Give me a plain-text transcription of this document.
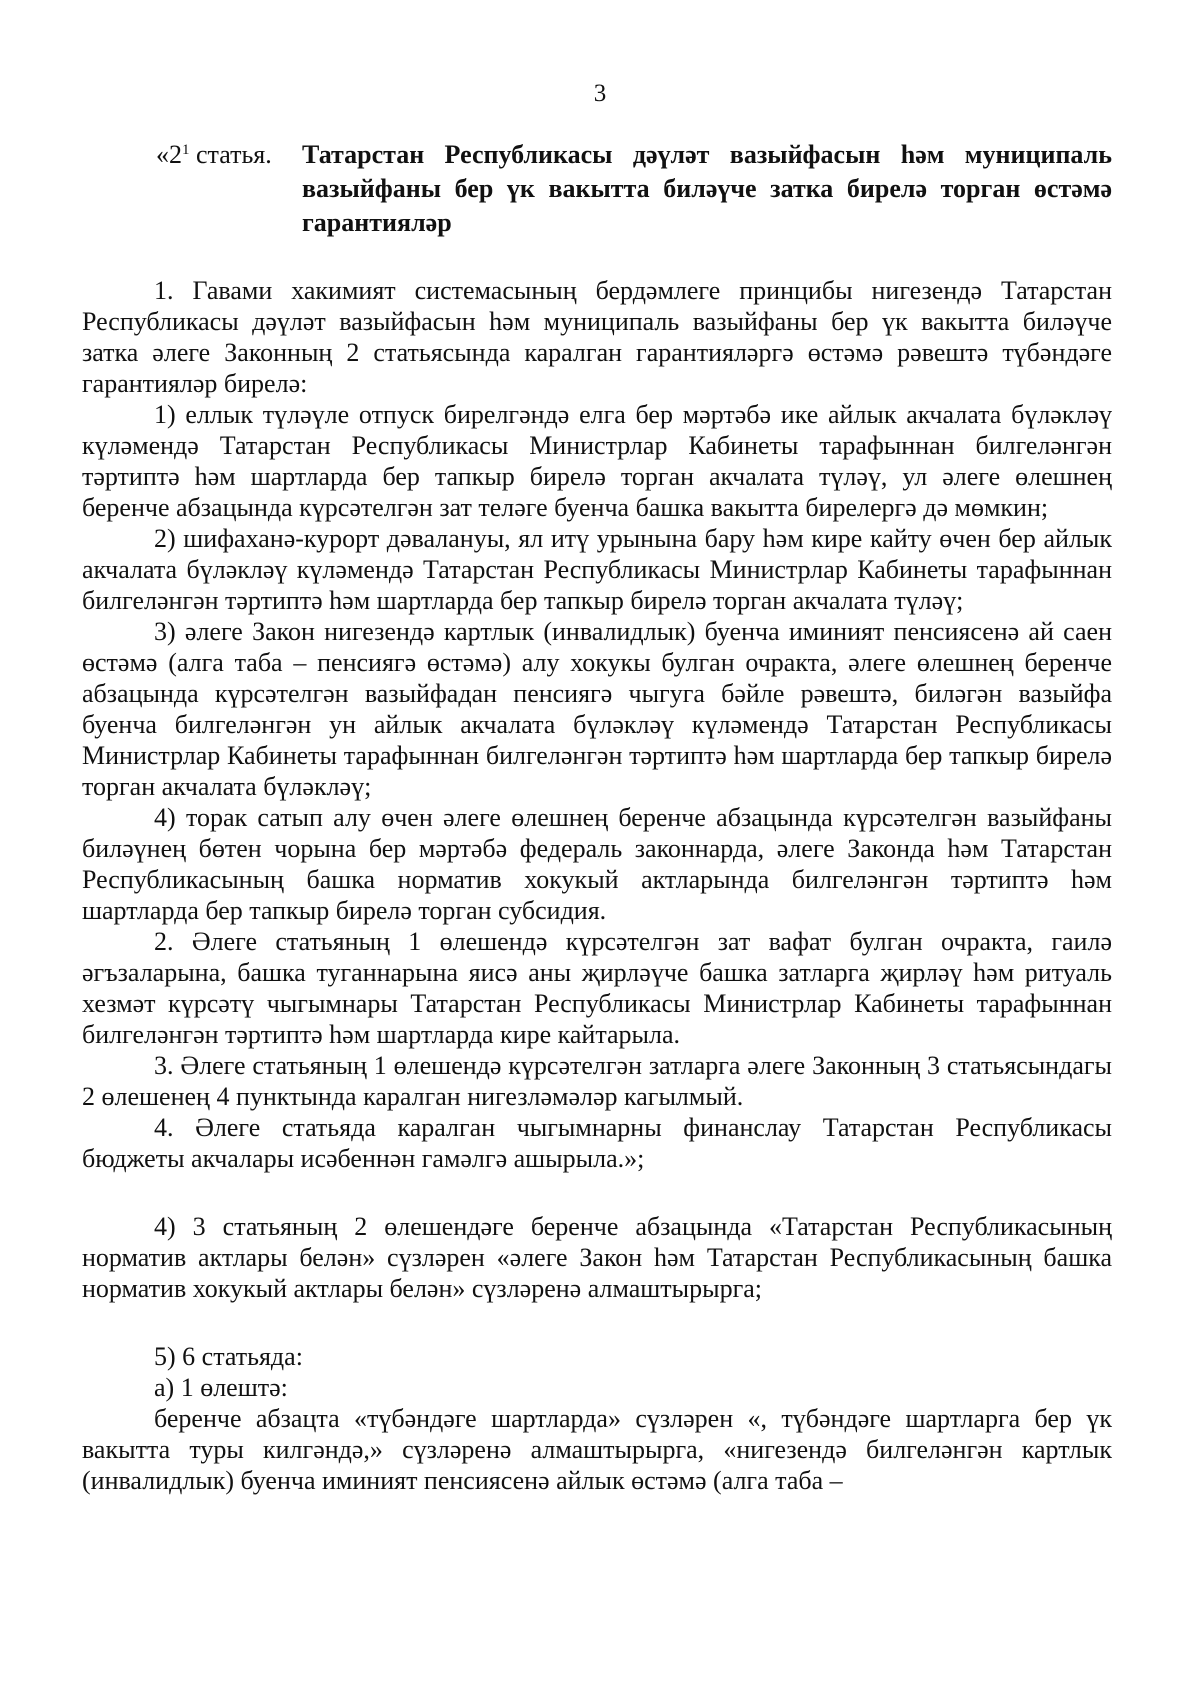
3
«$2^1$ статья.	Татарстан Республикасы дәүләт вазыйфасын һәм муниципаль вазыйфаны бер үк вакытта биләүче затка бирелә торган өстәмә гарантияләр

1. Гавами хакимият системасының бердәмлеге принцибы нигезендә Татарстан Республикасы дәүләт вазыйфасын һәм муниципаль вазыйфаны бер үк вакытта биләүче затка әлеге Законның 2 статьясында каралган гарантияләргә өстәмә рәвештә түбәндәге гарантияләр бирелә:

1) еллык түләүле отпуск бирелгәндә елга бер мәртәбә ике айлык акчалата бүләкләү күләмендә Татарстан Республикасы Министрлар Кабинеты тарафыннан билгеләнгән тәртиптә һәм шартларда бер тапкыр бирелә торган акчалата түләү, ул әлеге өлешнең беренче абзацында күрсәтелгән зат теләге буенча башка вакытта бирелергә дә мөмкин;

2) шифаханә-курорт дәвалануы, ял итү урынына бару һәм кире кайту өчен бер айлык акчалата бүләкләү күләмендә Татарстан Республикасы Министрлар Кабинеты тарафыннан билгеләнгән тәртиптә һәм шартларда бер тапкыр бирелә торган акчалата түләү;

3) әлеге Закон нигезендә картлык (инвалидлык) буенча иминият пенсиясенә ай саен өстәмә (алга таба – пенсиягә өстәмә) алу хокукы булган очракта, әлеге өлешнең беренче абзацында күрсәтелгән вазыйфадан пенсиягә чыгуга бәйле рәвештә, биләгән вазыйфа буенча билгеләнгән ун айлык акчалата бүләкләү күләмендә Татарстан Республикасы Министрлар Кабинеты тарафыннан билгеләнгән тәртиптә һәм шартларда бер тапкыр бирелә торган акчалата бүләкләү;

4) торак сатып алу өчен әлеге өлешнең беренче абзацында күрсәтелгән вазыйфаны биләүнең бөтен чорына бер мәртәбә федераль законнарда, әлеге Законда һәм Татарстан Республикасының башка норматив хокукый актларында билгеләнгән тәртиптә һәм шартларда бер тапкыр бирелә торган субсидия.

2. Әлеге статьяның 1 өлешендә күрсәтелгән зат вафат булган очракта, гаилә әгъзаларына, башка туганнарына яисә аны җирләүче башка затларга җирләү һәм ритуаль хезмәт күрсәтү чыгымнары Татарстан Республикасы Министрлар Кабинеты тарафыннан билгеләнгән тәртиптә һәм шартларда кире кайтарыла.

3. Әлеге статьяның 1 өлешендә күрсәтелгән затларга әлеге Законның 3 статьясындагы 2 өлешенең 4 пунктында каралган нигезләмәләр кагылмый.

4. Әлеге статьяда каралган чыгымнарны финанслау Татарстан Республикасы бюджеты акчалары исәбеннән гамәлгә ашырыла.»;

4) 3 статьяның 2 өлешендәге беренче абзацында «Татарстан Республикасының норматив актлары белән» сүзләрен «әлеге Закон һәм Татарстан Республикасының башка норматив хокукый актлары белән» сүзләренә алмаштырырга;

5) 6 статьяда:

а) 1 өлештә:

беренче абзацта «түбәндәге шартларда» сүзләрен «, түбәндәге шартларга бер үк вакытта туры килгәндә,» сүзләренә алмаштырырга, «нигезендә билгеләнгән картлык (инвалидлык) буенча иминият пенсиясенә айлык өстәмә (алга таба –
